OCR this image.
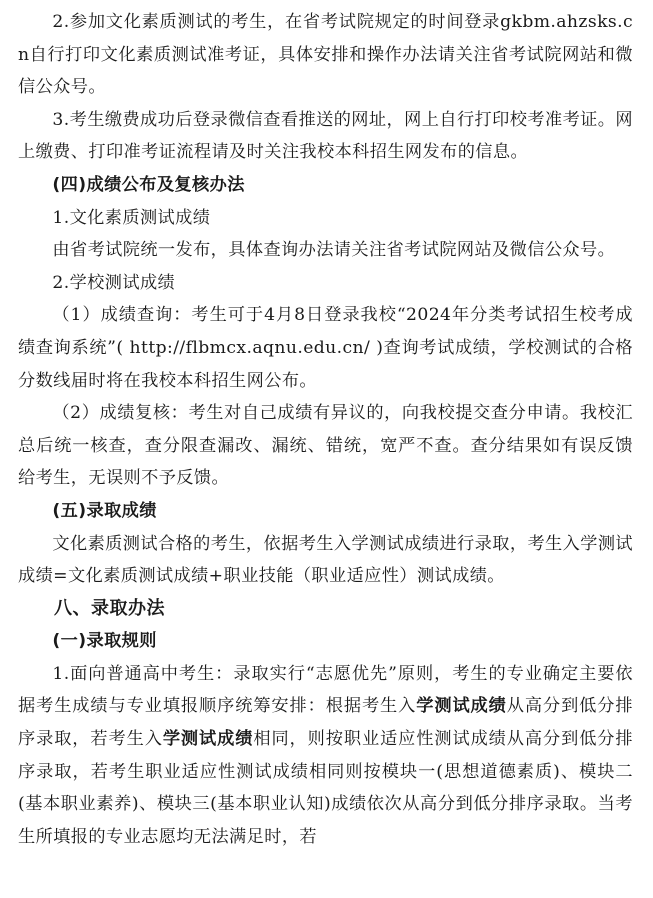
2.参加文化素质测试的考生，在省考试院规定的时间登录gkbm.ahzsks.cn自行打印文化素质测试准考证，具体安排和操作办法请关注省考试院网站和微信公众号。

3.考生缴费成功后登录微信查看推送的网址，网上自行打印校考准考证。网上缴费、打印准考证流程请及时关注我校本科招生网发布的信息。

(四)成绩公布及复核办法

1.文化素质测试成绩

由省考试院统一发布，具体查询办法请关注省考试院网站及微信公众号。

2.学校测试成绩

（1）成绩查询：考生可于4月8日登录我校“2024年分类考试招生校考成绩查询系统”( http://flbmcx.aqnu.edu.cn/ )查询考试成绩，学校测试的合格分数线届时将在我校本科招生网公布。

（2）成绩复核：考生对自己成绩有异议的，向我校提交查分申请。我校汇总后统一核查，查分限查漏改、漏统、错统，宽严不查。查分结果如有误反馈给考生，无误则不予反馈。

(五)录取成绩

文化素质测试合格的考生，依据考生入学测试成绩进行录取，考生入学测试成绩=文化素质测试成绩+职业技能（职业适应性）测试成绩。

八、录取办法

(一)录取规则

1.面向普通高中考生：录取实行“志愿优先”原则，考生的专业确定主要依据考生成绩与专业填报顺序统筹安排：根据考生入学测试成绩从高分到低分排序录取，若考生入学测试成绩相同，则按职业适应性测试成绩从高分到低分排序录取，若考生职业适应性测试成绩相同则按模块一(思想道德素质)、模块二(基本职业素养)、模块三(基本职业认知)成绩依次从高分到低分排序录取。当考生所填报的专业志愿均无法满足时，若
